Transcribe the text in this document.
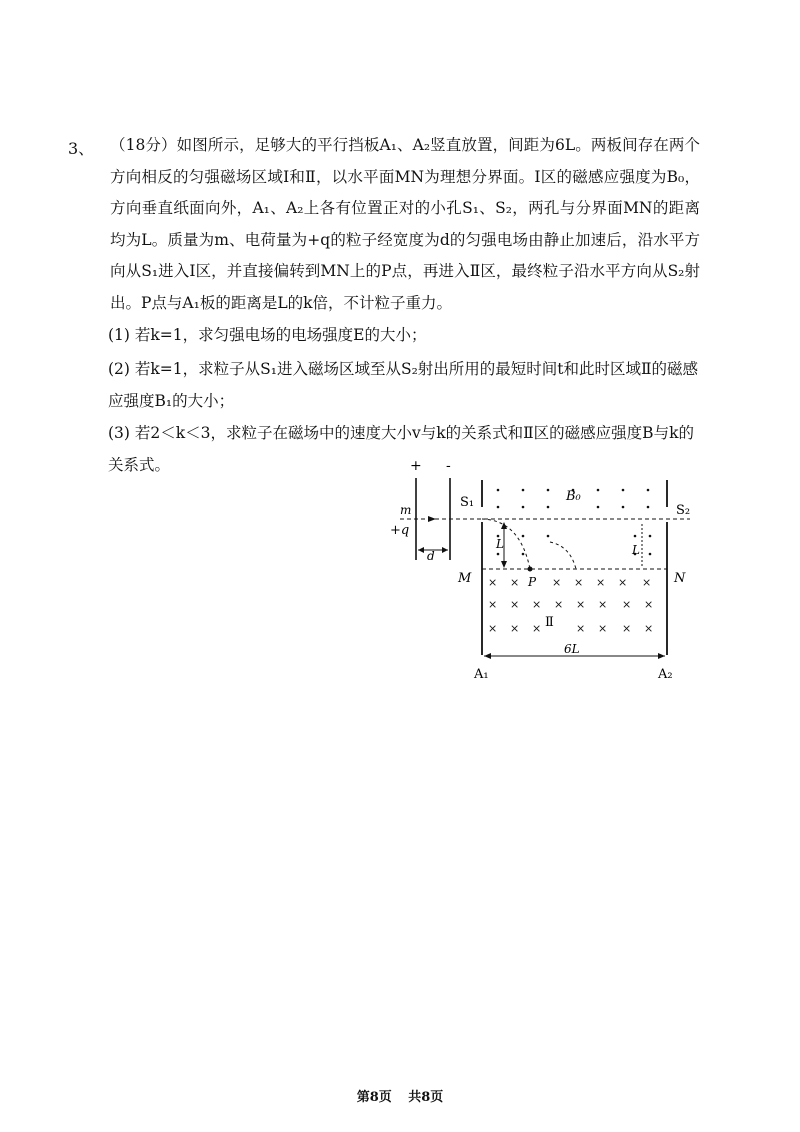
3、 （18分）如图所示，足够大的平行挡板A₁、A₂竖直放置，间距为6L。两板间存在两个方向相反的匀强磁场区域Ⅰ和Ⅱ，以水平面MN为理想分界面。Ⅰ区的磁感应强度为B₀，方向垂直纸面向外，A₁、A₂上各有位置正对的小孔S₁、S₂，两孔与分界面MN的距离均为L。质量为m、电荷量为+q的粒子经宽度为d的匀强电场由静止加速后，沿水平方向从S₁进入Ⅰ区，并直接偏转到MN上的P点，再进入Ⅱ区，最终粒子沿水平方向从S₂射出。P点与A₁板的距离是L的k倍，不计粒子重力。

(1) 若k=1，求匀强电场的电场强度E的大小；
(2) 若k=1，求粒子从S₁进入磁场区域至从S₂射出所用的最短时间t和此时区域Ⅱ的磁感应强度B₁的大小；
(3) 若2＜k＜3，求粒子在磁场中的速度大小v与k的关系式和Ⅱ区的磁感应强度B与k的关系式。	+ -
m
+q
d
S₁
S₂
M	N
B₀
L	L
P
× ×	× × × × ×
× × × × × × × ×
× × ×	× × × ×
Ⅱ
6L
A₁	A₂
第8页 共8页
